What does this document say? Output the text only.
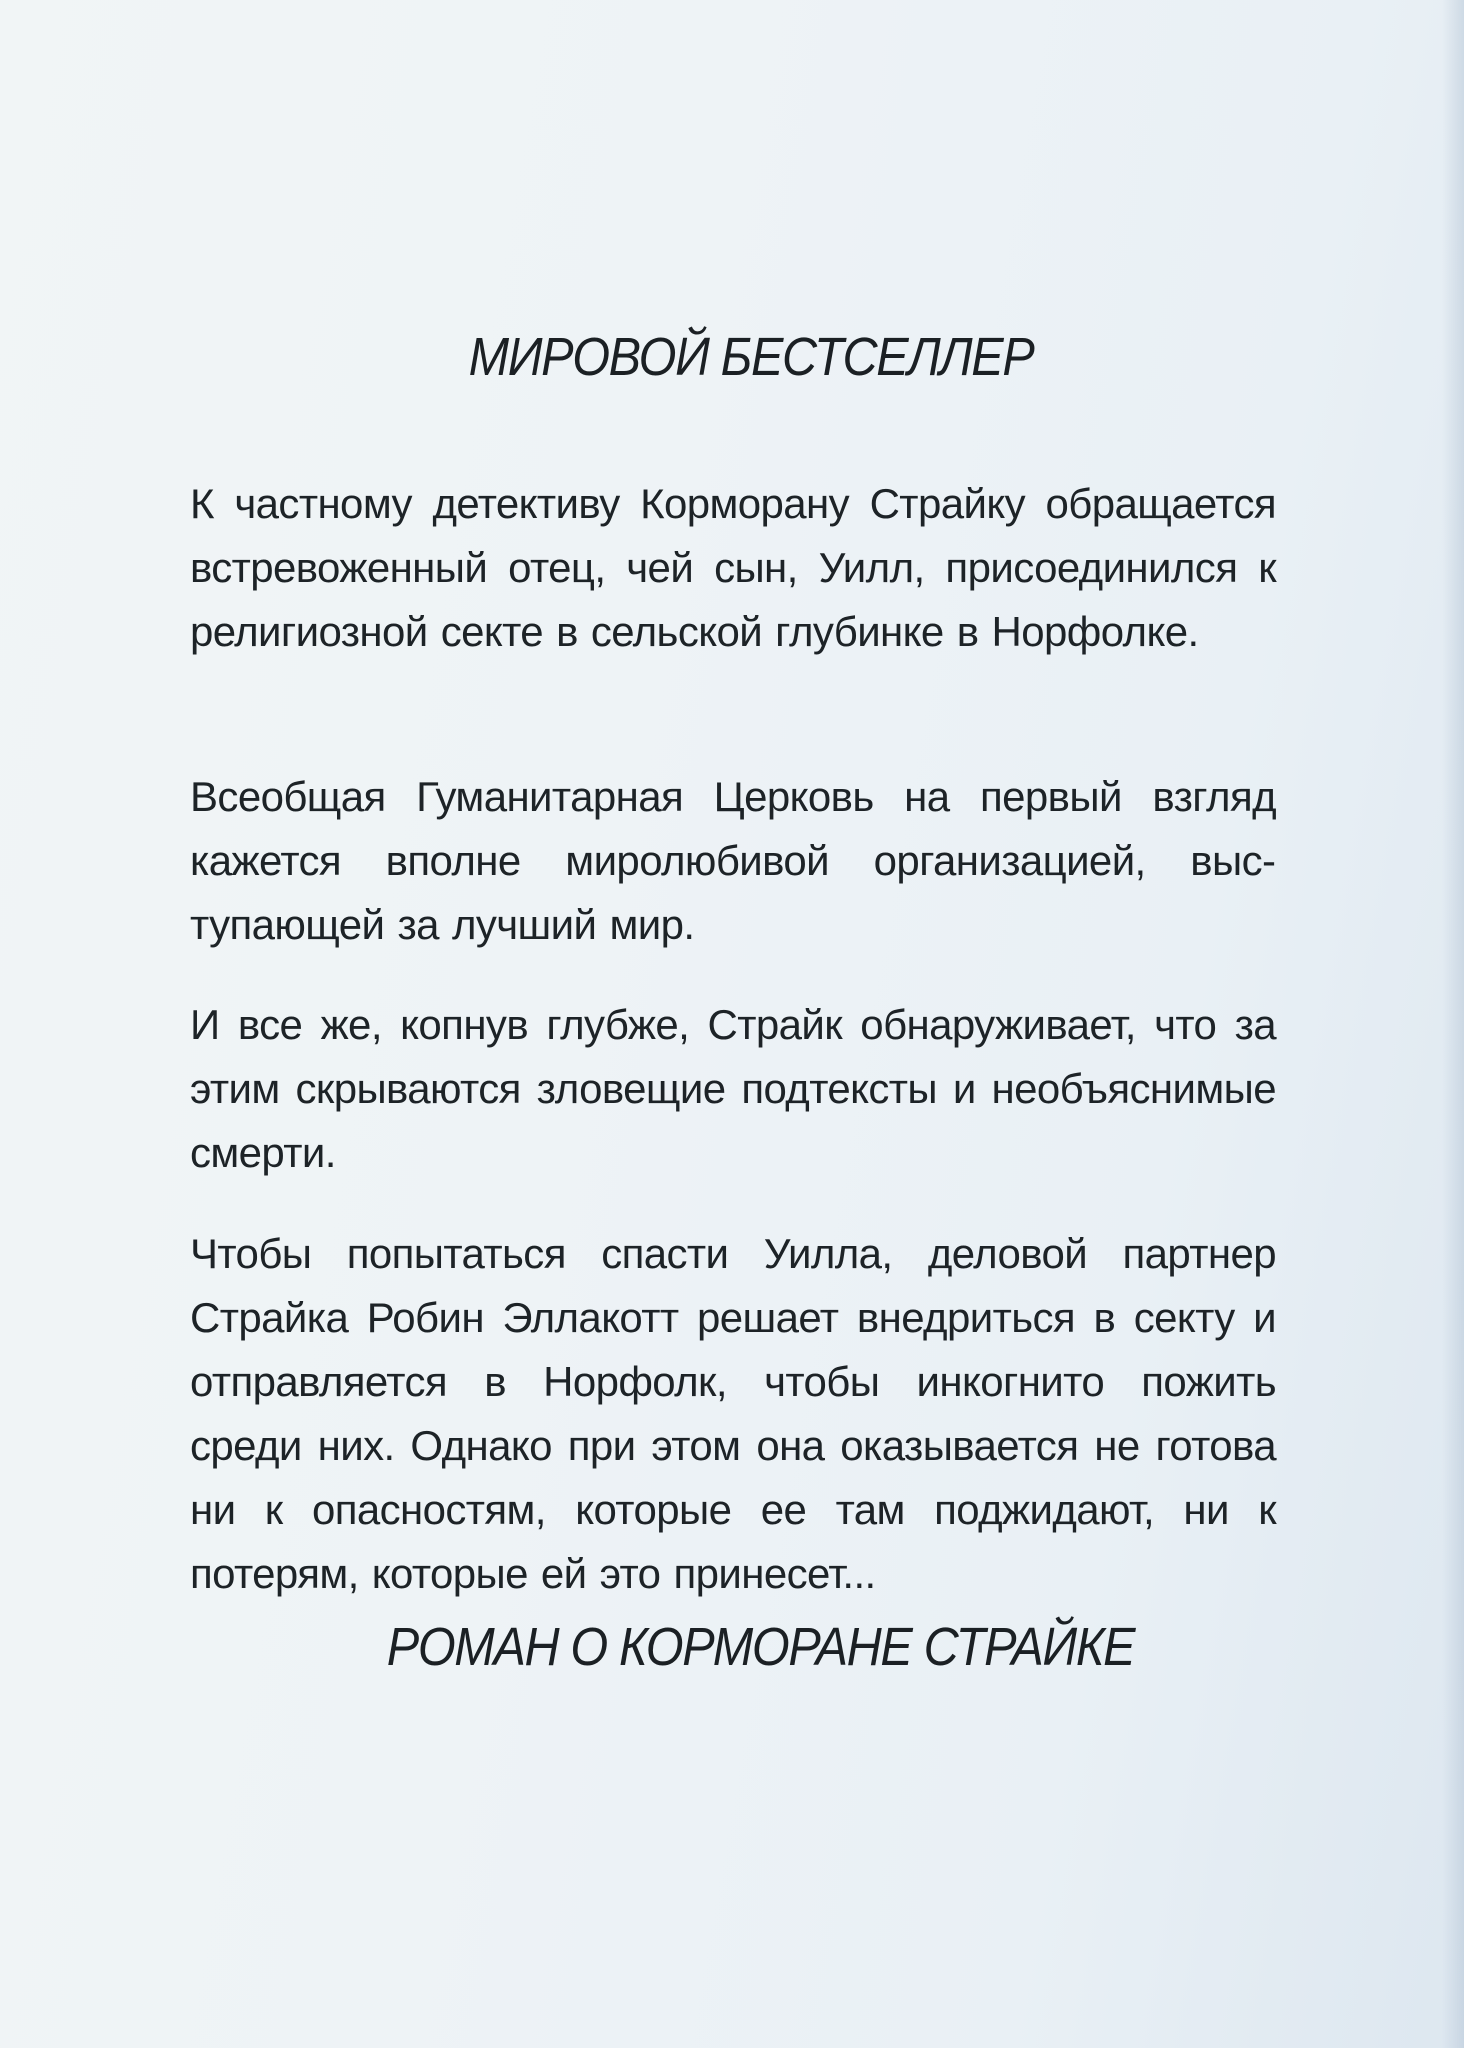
МИРОВОЙ БЕСТСЕЛЛЕР

К частному детективу Корморану Страйку обращается встревоженный отец, чей сын, Уилл, присоединился к религиозной секте в сельской глубинке в Норфолке.

Всеобщая Гуманитарная Церковь на первый взгляд кажется вполне миролюбивой организацией, выступающей за лучший мир.

И все же, копнув глубже, Страйк обнаруживает, что за этим скрываются зловещие подтексты и необъяснимые смерти.

Чтобы попытаться спасти Уилла, деловой партнер Страйка Робин Эллакотт решает внедриться в секту и отправляется в Норфолк, чтобы инкогнито пожить среди них. Однако при этом она оказывается не готова ни к опасностям, которые ее там поджидают, ни к потерям, которые ей это принесет...

РОМАН О КОРМОРАНЕ СТРАЙКЕ
